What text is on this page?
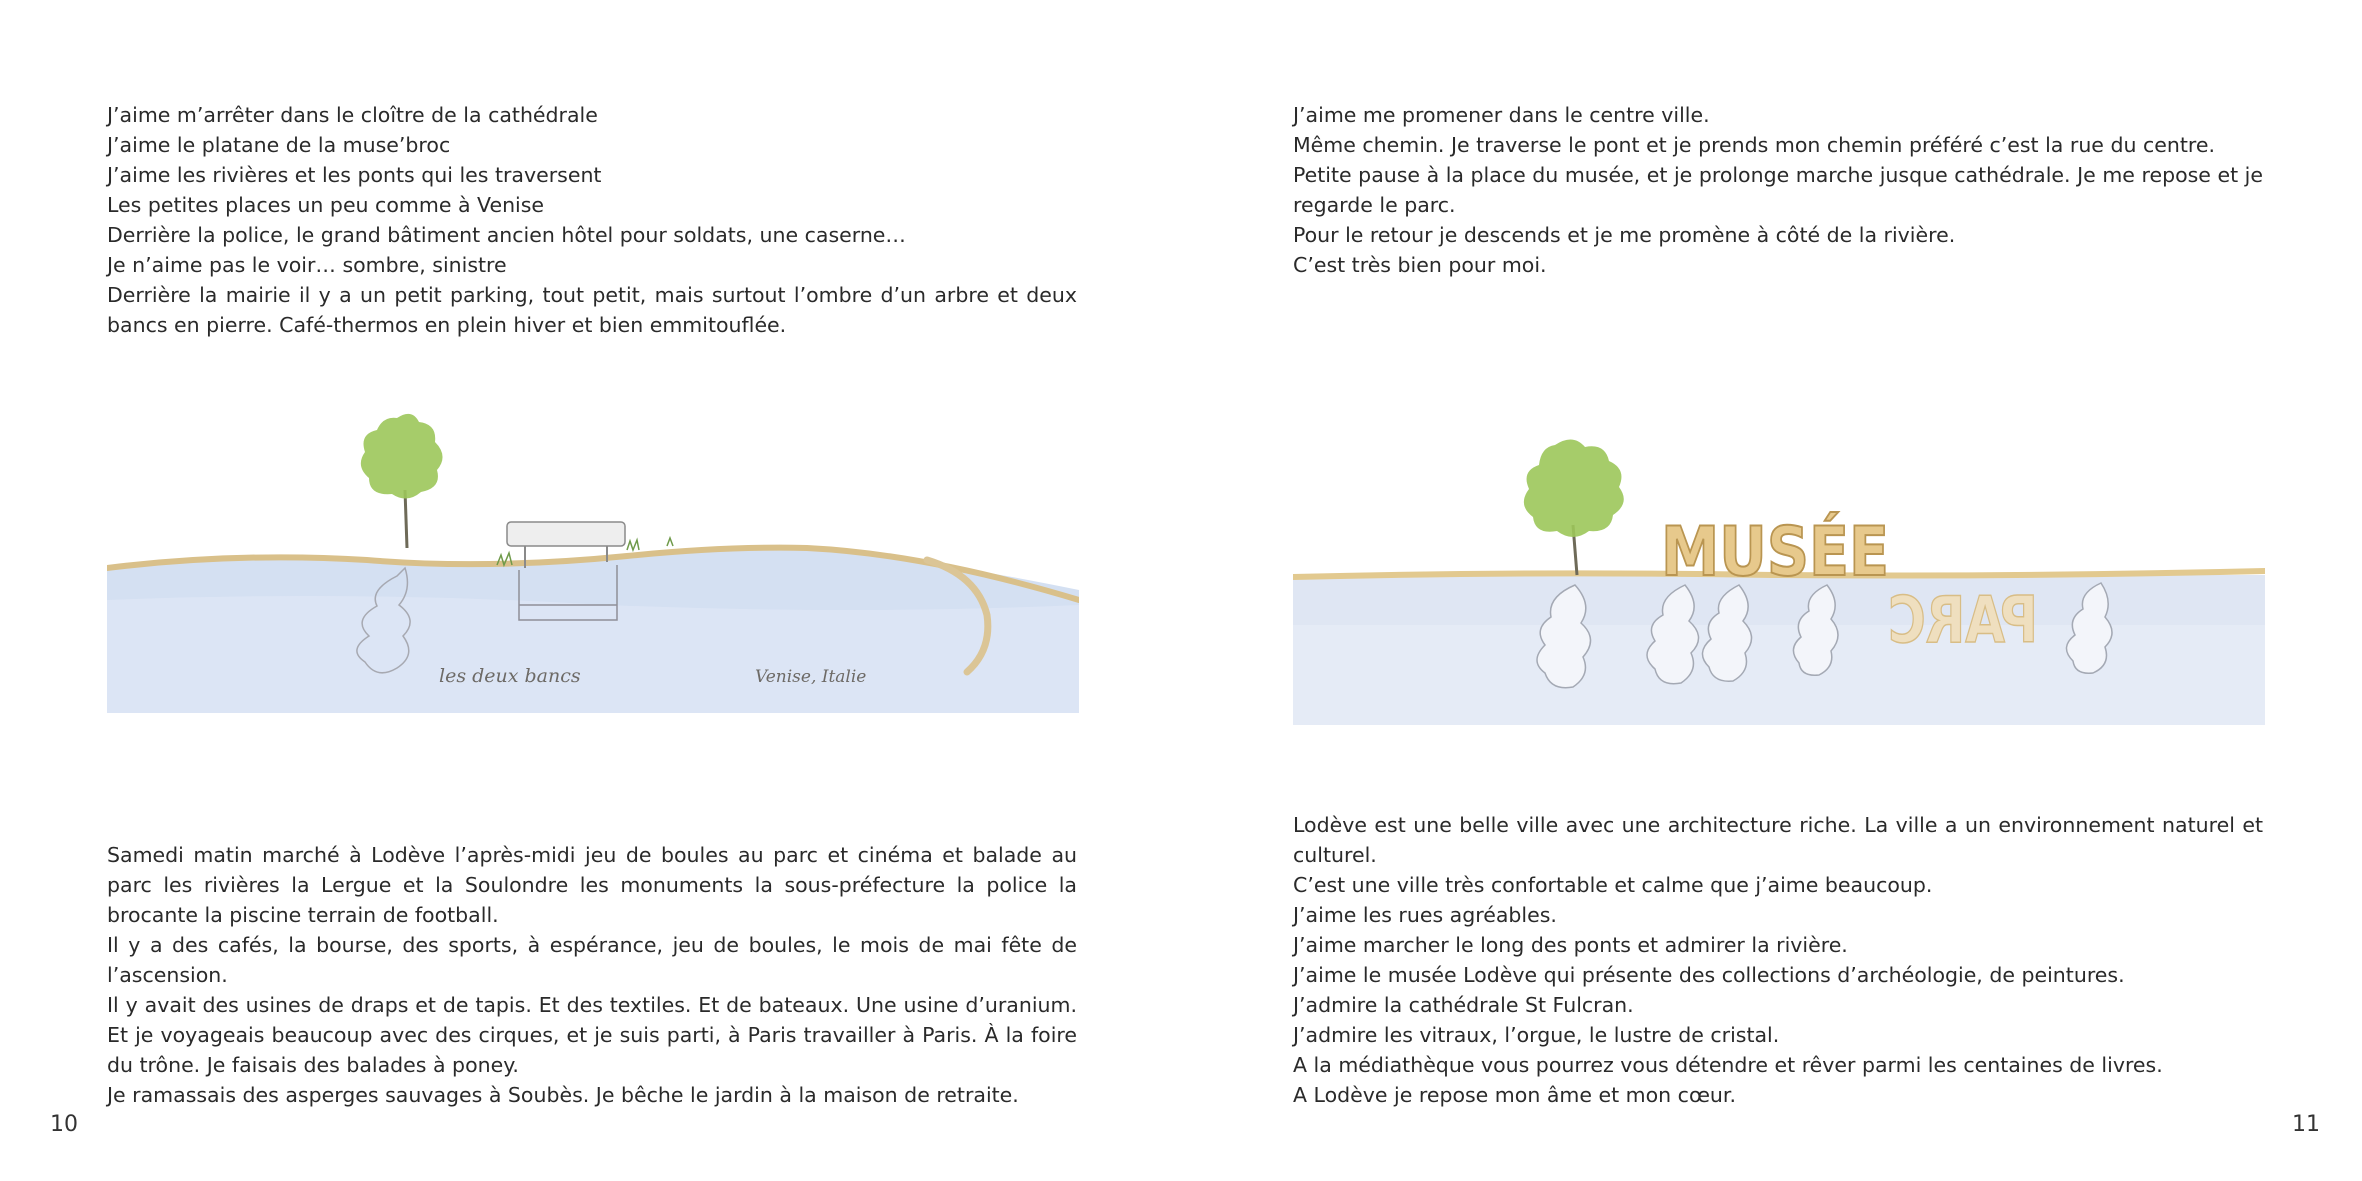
J’aime m’arrêter dans le cloître de la cathédrale

J’aime le platane de la muse’broc

J’aime les rivières et les ponts qui les traversent

Les petites places un peu comme à Venise

Derrière la police, le grand bâtiment ancien hôtel pour soldats, une caserne…

Je n’aime pas le voir… sombre, sinistre

Derrière la mairie il y a un petit parking, tout petit, mais surtout l’ombre d’un arbre et deux bancs en pierre. Café-thermos en plein hiver et bien emmitouflée.

les deux bancs	Venise, Italie

Samedi matin marché à Lodève l’après-midi jeu de boules au parc et cinéma et balade au parc les rivières la Lergue et la Soulondre les monuments la sous-préfecture la police la brocante la piscine terrain de football.

Il y a des cafés, la bourse, des sports, à espérance, jeu de boules, le mois de mai fête de l’ascension.

Il y avait des usines de draps et de tapis. Et des textiles. Et de bateaux. Une usine d’uranium. Et je voyageais beaucoup avec des cirques, et je suis parti, à Paris travailler à Paris. À la foire du trône. Je faisais des balades à poney.

Je ramassais des asperges sauvages à Soubès. Je bêche le jardin à la maison de retraite.

10

J’aime me promener dans le centre ville.

Même chemin. Je traverse le pont et je prends mon chemin préféré c’est la rue du centre.

Petite pause à la place du musée, et je prolonge marche jusque cathédrale. Je me repose et je regarde le parc.

Pour le retour je descends et je me promène à côté de la rivière.

C’est très bien pour moi.

MUSÉE
PARC

Lodève est une belle ville avec une architecture riche. La ville a un environnement naturel et culturel.

C’est une ville très confortable et calme que j’aime beaucoup.

J’aime les rues agréables.

J’aime marcher le long des ponts et admirer la rivière.

J’aime le musée Lodève qui présente des collections d’archéologie, de peintures.

J’admire la cathédrale St Fulcran.

J’admire les vitraux, l’orgue, le lustre de cristal.

A la médiathèque vous pourrez vous détendre et rêver parmi les centaines de livres.

A Lodève je repose mon âme et mon cœur.

11
